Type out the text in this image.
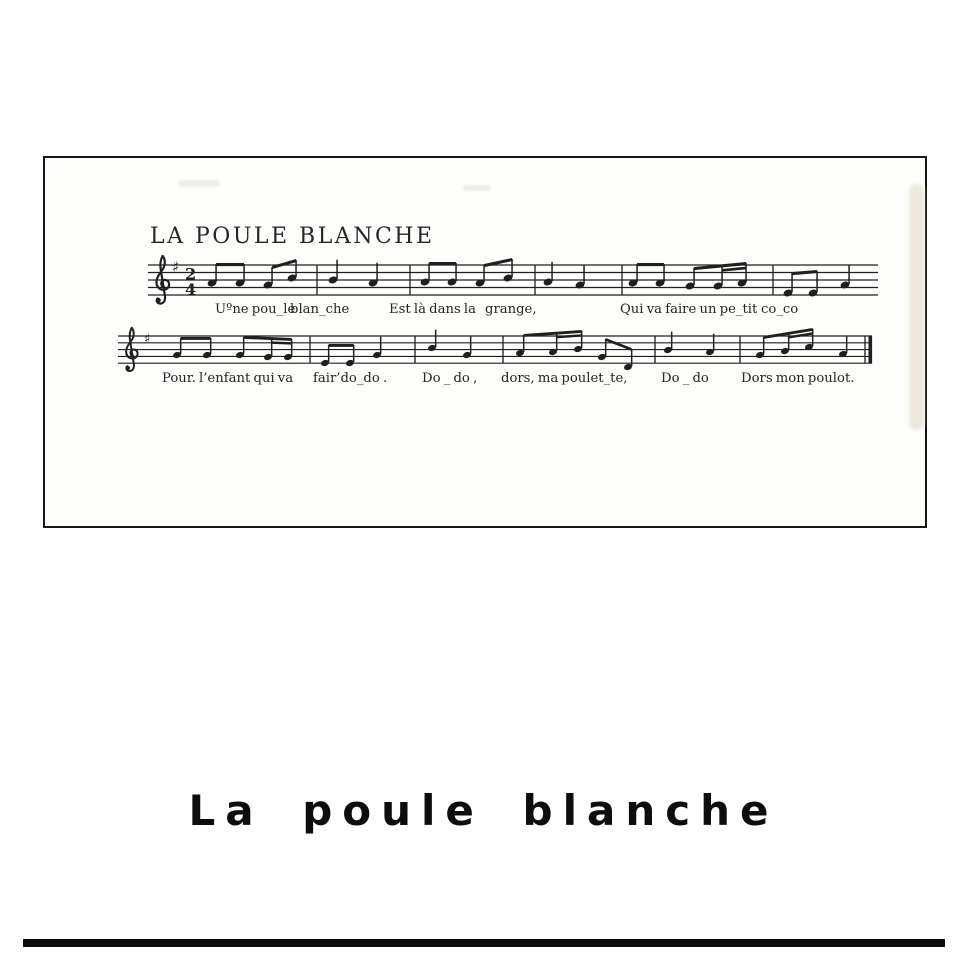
LA POULE BLANCHE
♯ 2
4
♯
Uºne pou_le
blan_che	Est là dans la grange,	Qui va faire un pe_tit co_co
Pour. l’enfant qui va fair’do_do .	Do _ do , dors, ma poulet_te,	Do _ do Dors mon poulot.
La poule blanche
